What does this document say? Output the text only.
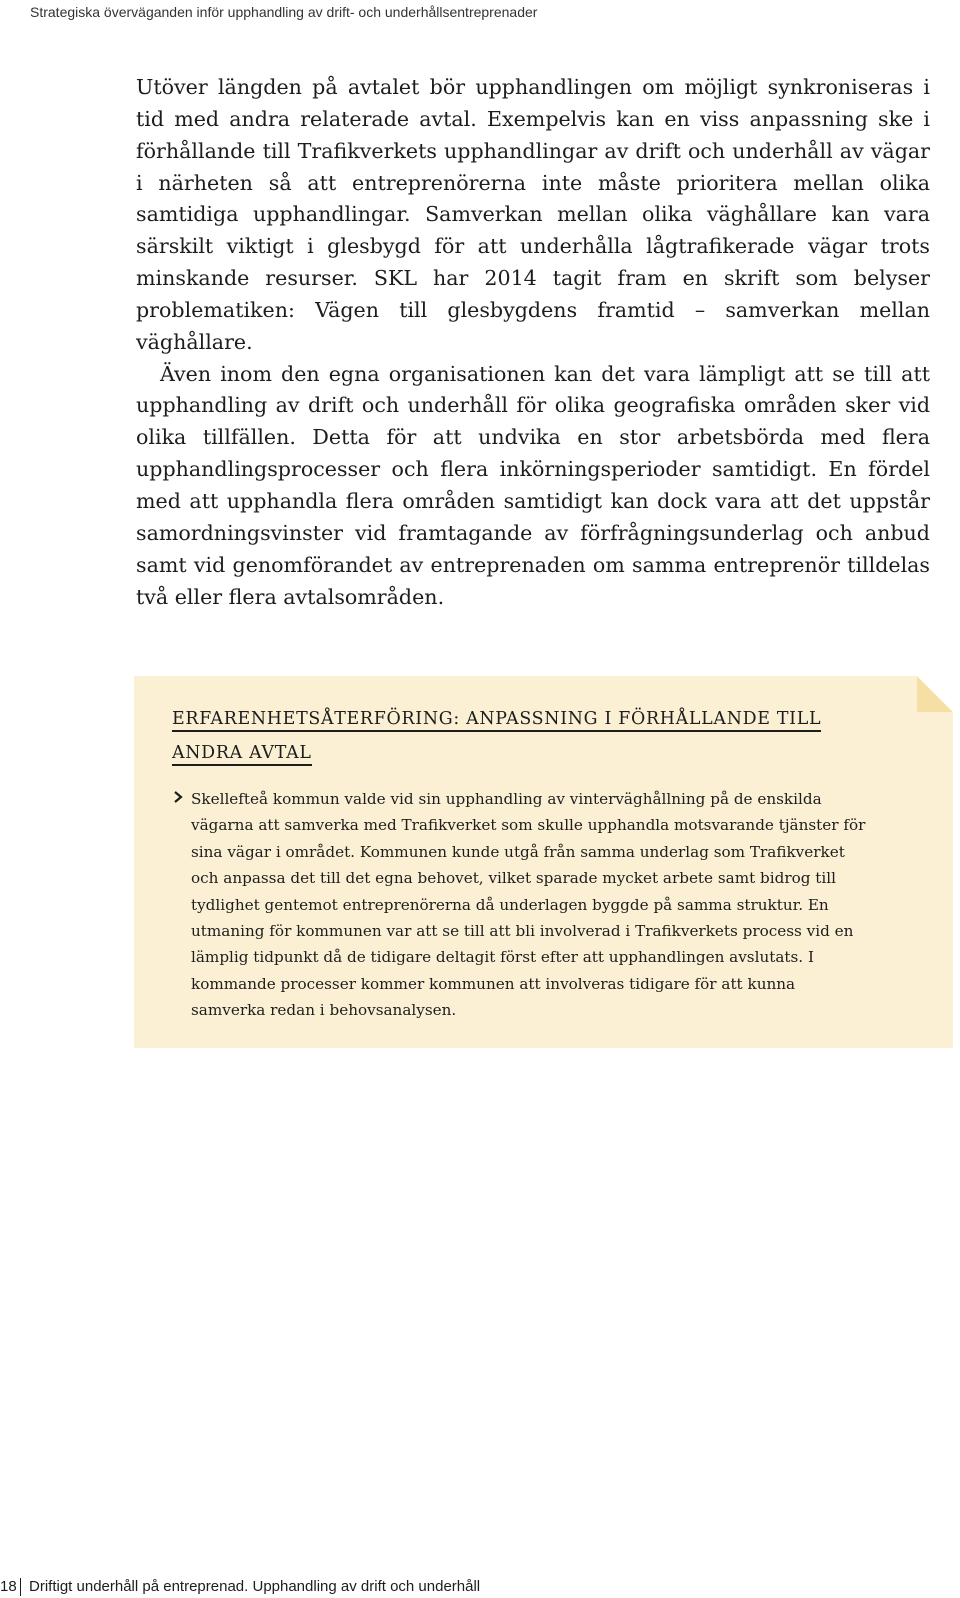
Strategiska överväganden inför upphandling av drift- och underhållsentreprenader

Utöver längden på avtalet bör upphandlingen om möjligt synkroniseras i tid med andra relaterade avtal. Exempelvis kan en viss anpassning ske i förhållande till Trafikverkets upphandlingar av drift och underhåll av vägar i närheten så att entreprenörerna inte måste prioritera mellan olika samtidiga upphandlingar. Samverkan mellan olika väghållare kan vara särskilt viktigt i glesbygd för att underhålla lågtrafikerade vägar trots minskande resurser. SKL har 2014 tagit fram en skrift som belyser problematiken: Vägen till glesbygdens framtid – samverkan mellan väghållare.

Även inom den egna organisationen kan det vara lämpligt att se till att upphandling av drift och underhåll för olika geografiska områden sker vid olika tillfällen. Detta för att undvika en stor arbetsbörda med flera upphandlingsprocesser och flera inkörningsperioder samtidigt. En fördel med att upphandla flera områden samtidigt kan dock vara att det uppstår samordningsvinster vid framtagande av förfrågningsunderlag och anbud samt vid genomförandet av entreprenaden om samma entreprenör tilldelas två eller flera avtalsområden.

ERFARENHETSÅTERFÖRING: ANPASSNING I FÖRHÅLLANDE TILL ANDRA AVTAL
Skellefteå kommun valde vid sin upphandling av vinterväghållning på de enskilda vägarna att samverka med Trafikverket som skulle upphandla motsvarande tjänster för sina vägar i området. Kommunen kunde utgå från samma underlag som Trafikverket och anpassa det till det egna behovet, vilket sparade mycket arbete samt bidrog till tydlighet gentemot entreprenörerna då underlagen byggde på samma struktur. En utmaning för kommunen var att se till att bli involverad i Trafikverkets process vid en lämplig tidpunkt då de tidigare deltagit först efter att upphandlingen avslutats. I kommande processer kommer kommunen att involveras tidigare för att kunna samverka redan i behovsanalysen.
18 Driftigt underhåll på entreprenad. Upphandling av drift och underhåll
